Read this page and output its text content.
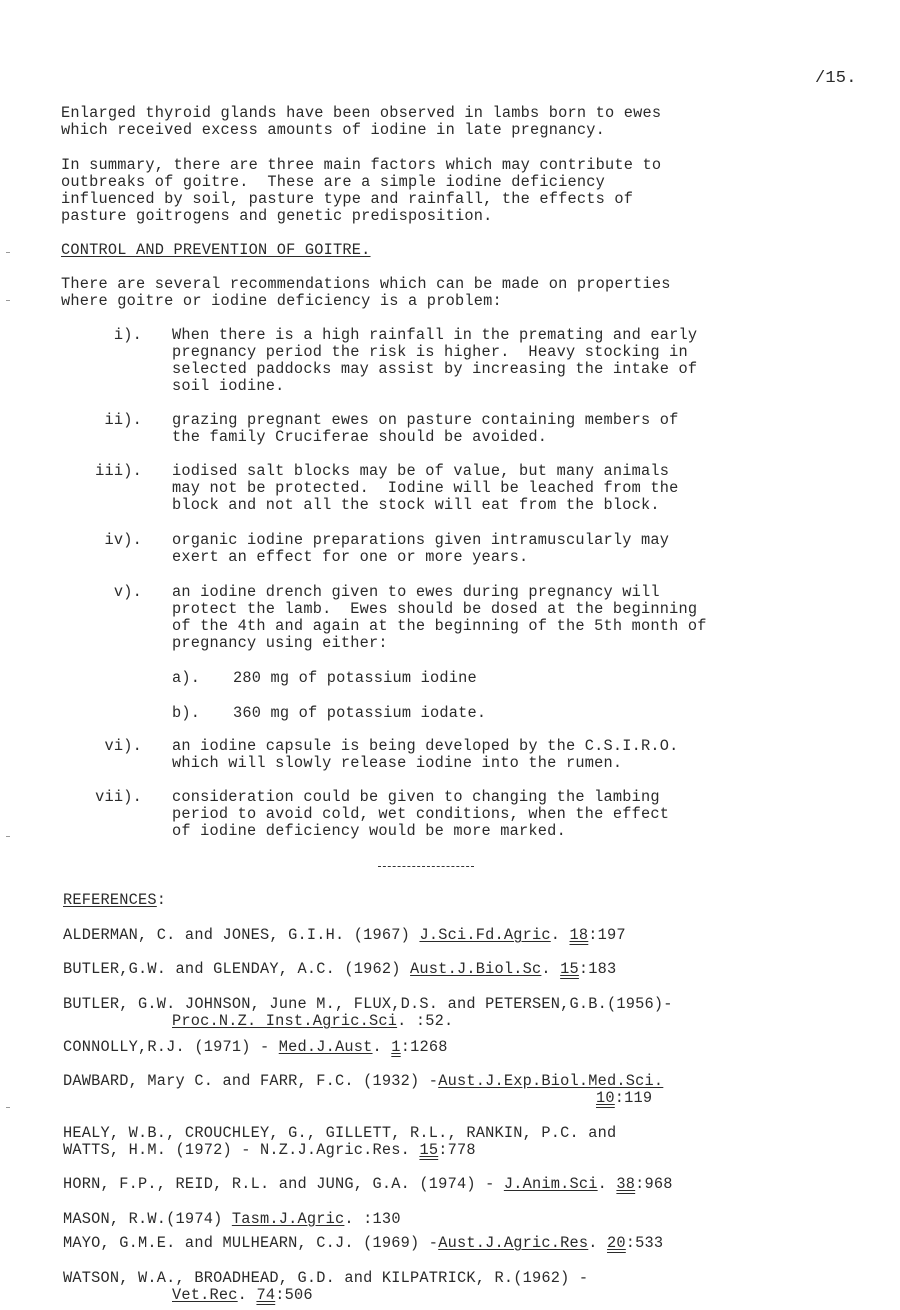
/15.
Enlarged thyroid glands have been observed in lambs born to ewes
which received excess amounts of iodine in late pregnancy.
In summary, there are three main factors which may contribute to
outbreaks of goitre.  These are a simple iodine deficiency
influenced by soil, pasture type and rainfall, the effects of
pasture goitrogens and genetic predisposition.
CONTROL AND PREVENTION OF GOITRE.
There are several recommendations which can be made on properties
where goitre or iodine deficiency is a problem:
i). When there is a high rainfall in the premating and early
pregnancy period the risk is higher.  Heavy stocking in
selected paddocks may assist by increasing the intake of
soil iodine.
ii). grazing pregnant ewes on pasture containing members of
the family Cruciferae should be avoided.
iii). iodised salt blocks may be of value, but many animals
may not be protected.  Iodine will be leached from the
block and not all the stock will eat from the block.
iv). organic iodine preparations given intramuscularly may
exert an effect for one or more years.
v). an iodine drench given to ewes during pregnancy will
protect the lamb.  Ewes should be dosed at the beginning
of the 4th and again at the beginning of the 5th month of
pregnancy using either:
a). 280 mg of potassium iodine
b). 360 mg of potassium iodate.
vi). an iodine capsule is being developed by the C.S.I.R.O.
which will slowly release iodine into the rumen.
vii). consideration could be given to changing the lambing
period to avoid cold, wet conditions, when the effect
of iodine deficiency would be more marked.
REFERENCES:
ALDERMAN, C. and JONES, G.I.H. (1967) J.Sci.Fd.Agric. 18:197
BUTLER,G.W. and GLENDAY, A.C. (1962) Aust.J.Biol.Sc. 15:183
BUTLER, G.W. JOHNSON, June M., FLUX,D.S. and PETERSEN,G.B.(1956)-
Proc.N.Z. Inst.Agric.Sci. :52.
CONNOLLY,R.J. (1971) - Med.J.Aust. 1:1268
DAWBARD, Mary C. and FARR, F.C. (1932) -Aust.J.Exp.Biol.Med.Sci.
10:119
HEALY, W.B., CROUCHLEY, G., GILLETT, R.L., RANKIN, P.C. and
WATTS, H.M. (1972) - N.Z.J.Agric.Res. 15:778
HORN, F.P., REID, R.L. and JUNG, G.A. (1974) - J.Anim.Sci. 38:968
MASON, R.W.(1974) Tasm.J.Agric. :130
MAYO, G.M.E. and MULHEARN, C.J. (1969) -Aust.J.Agric.Res. 20:533
WATSON, W.A., BROADHEAD, G.D. and KILPATRICK, R.(1962) -
Vet.Rec. 74:506
